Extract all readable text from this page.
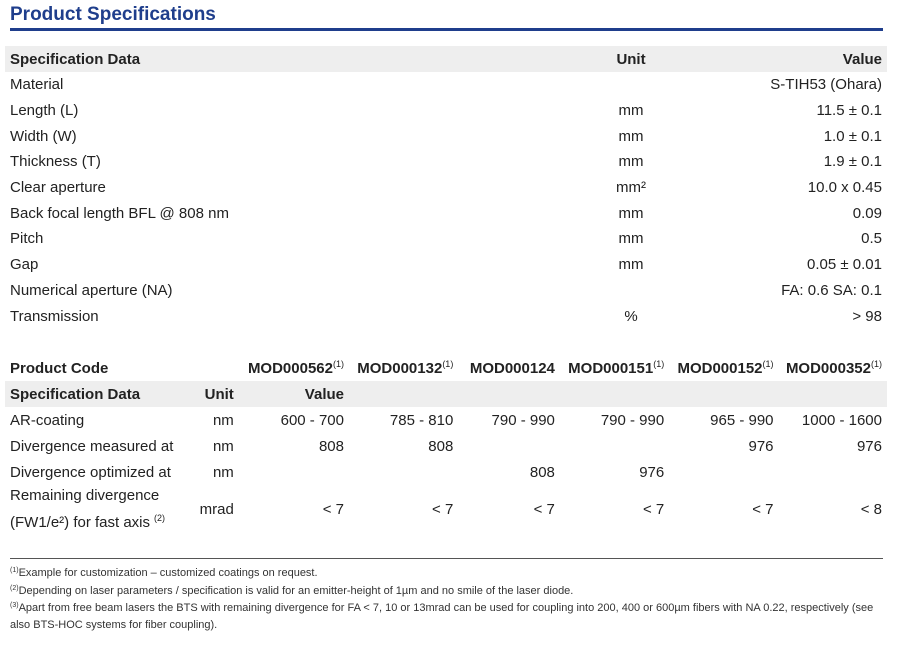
Product Specifications
Specification Data	Unit	Value
Material		S-TIH53 (Ohara)
Length (L)	mm	11.5 ± 0.1
Width (W)	mm	1.0 ± 0.1
Thickness (T)	mm	1.9 ± 0.1
Clear aperture	mm²	10.0 x 0.45
Back focal length BFL @ 808 nm	mm	0.09
Pitch	mm	0.5
Gap	mm	0.05 ± 0.01
Numerical aperture (NA)		FA: 0.6 SA: 0.1
Transmission	%	> 98
Product Code		MOD000562$^{(1)}$	MOD000132$^{(1)}$	MOD000124	MOD000151$^{(1)}$	MOD000152$^{(1)}$	MOD000352$^{(1)}$
Specification Data	Unit	Value					
AR-coating	nm	600 - 700	785 - 810	790 - 990	790 - 990	965 - 990	1000 - 1600
Divergence measured at	nm	808	808			976	976
Divergence optimized at	nm			808	976		

Remaining divergence
(FW1/e²) for fast axis $^{(2)}$	mrad	< 7	< 7	< 7	< 7	< 7	< 8
$^{(1)}$Example for customization – customized coatings on request.
$^{(2)}$Depending on laser parameters / specification is valid for an emitter-height of 1µm and no smile of the laser diode.
$^{(3)}$Apart from free beam lasers the BTS with remaining divergence for FA < 7, 10 or 13mrad can be used for coupling into 200, 400 or 600µm fibers with NA 0.22, respectively (see also BTS-HOC systems for fiber coupling).
